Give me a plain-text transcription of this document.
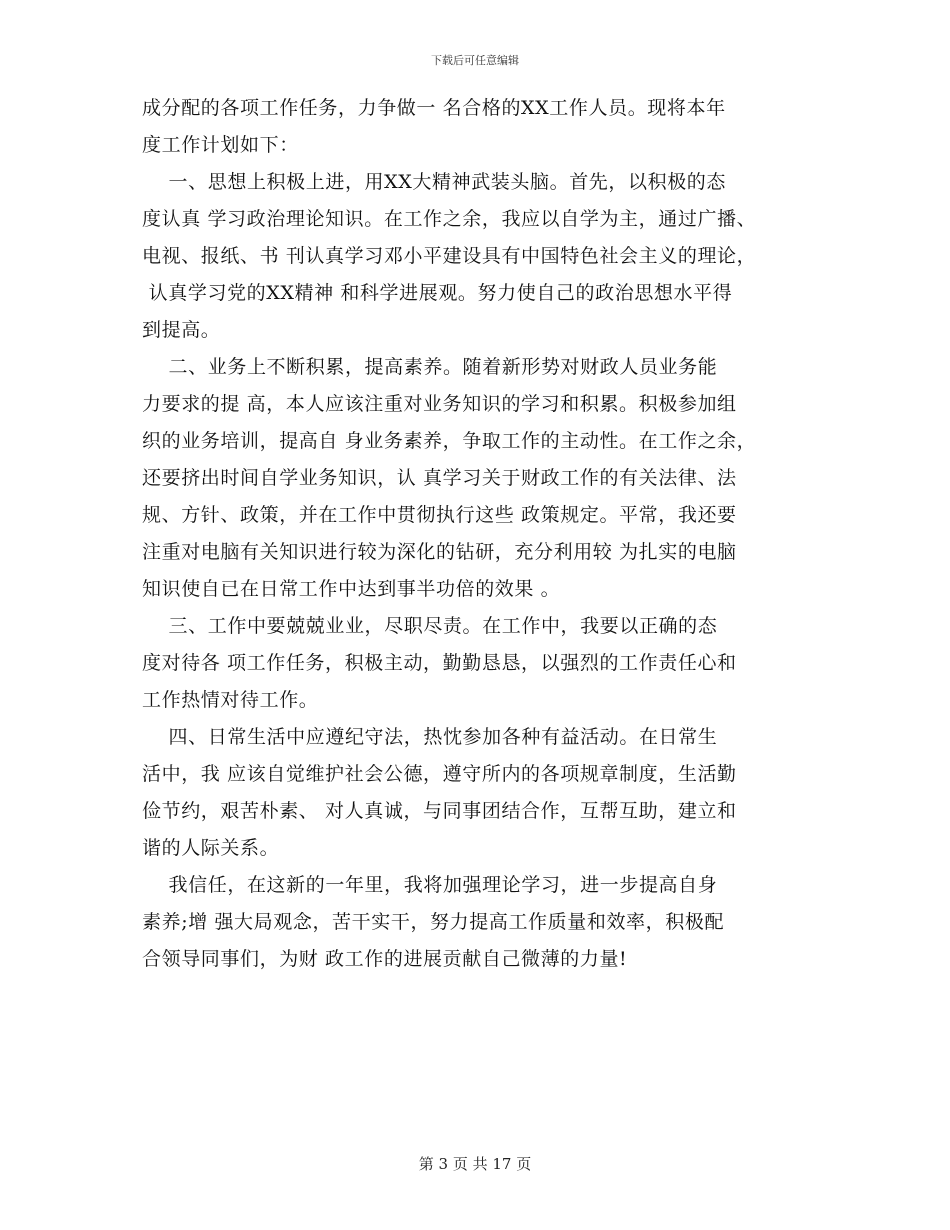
下载后可任意编辑
成分配的各项工作任务，力争做一 名合格的XX工作人员。现将本年
度工作计划如下：
一、思想上积极上进，用XX大精神武装头脑。首先，以积极的态
度认真 学习政治理论知识。在工作之余，我应以自学为主，通过广播、
电视、报纸、书 刊认真学习邓小平建设具有中国特色社会主义的理论，
认真学习党的XX精神 和科学进展观。努力使自己的政治思想水平得
到提高。
二、业务上不断积累，提高素养。随着新形势对财政人员业务能
力要求的提 高，本人应该注重对业务知识的学习和积累。积极参加组
织的业务培训，提高自 身业务素养，争取工作的主动性。在工作之余，
还要挤出时间自学业务知识，认 真学习关于财政工作的有关法律、法
规、方针、政策，并在工作中贯彻执行这些 政策规定。平常，我还要
注重对电脑有关知识进行较为深化的钻研，充分利用较 为扎实的电脑
知识使自已在日常工作中达到事半功倍的效果 。
三、工作中要兢兢业业，尽职尽责。在工作中，我要以正确的态
度对待各 项工作任务，积极主动，勤勤恳恳，以强烈的工作责任心和
工作热情对待工作。
四、日常生活中应遵纪守法，热忱参加各种有益活动。在日常生
活中，我 应该自觉维护社会公德，遵守所内的各项规章制度，生活勤
俭节约，艰苦朴素、 对人真诚，与同事团结合作，互帮互助，建立和
谐的人际关系。
我信任，在这新的一年里，我将加强理论学习，进一步提高自身
素养;增 强大局观念，苦干实干，努力提高工作质量和效率，积极配
合领导同事们，为财 政工作的进展贡献自己微薄的力量!
第 3 页 共 17 页
